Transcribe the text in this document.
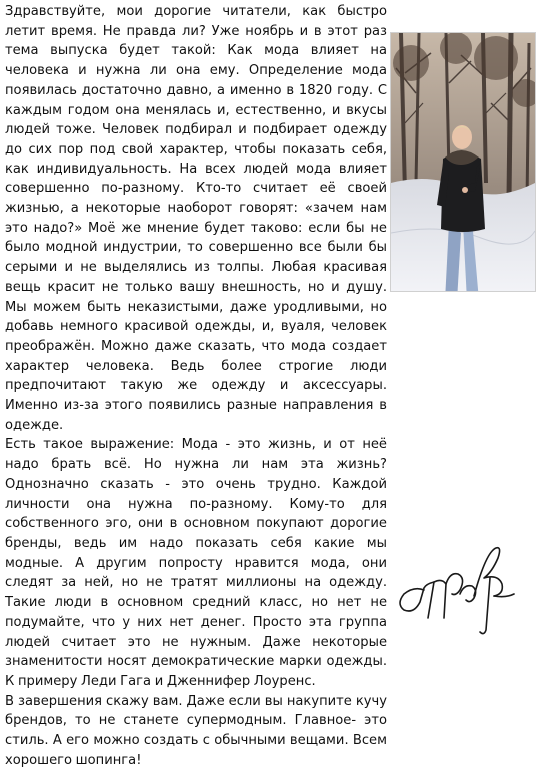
Здравствуйте, мои дорогие читатели, как быстро летит время. Не правда ли? Уже ноябрь и в этот раз тема выпуска будет такой: Как мода влияет на человека и нужна ли она ему. Определение мода появилась достаточно давно, а именно в 1820 году. С каждым годом она менялась и, естественно, и вкусы людей тоже. Человек подбирал и подбирает одежду до сих пор под свой характер, чтобы показать себя, как индивидуальность. На всех людей мода влияет совершенно по-разному. Кто-то считает её своей жизнью, а некоторые наоборот говорят: «зачем нам это надо?» Моё же мнение будет таково: если бы не было модной индустрии, то совершенно все были бы серыми и не выделялись из толпы. Любая красивая вещь красит не только вашу внешность, но и душу. Мы можем быть неказистыми, даже уродливыми, но добавь немного красивой одежды, и, вуаля, человек преображён. Можно даже сказать, что мода создает характер человека. Ведь более строгие люди предпочитают такую же одежду и аксессуары. Именно из-за этого появились разные направления в одежде.

Есть такое выражение: Мода - это жизнь, и от неё надо брать всё. Но нужна ли нам эта жизнь? Однозначно сказать - это очень трудно. Каждой личности она нужна по-разному. Кому-то для собственного эго, они в основном покупают дорогие бренды, ведь им надо показать себя какие мы модные. А другим попросту нравится мода, они следят за ней, но не тратят миллионы на одежду. Такие люди в основном средний класс, но нет не подумайте, что у них нет денег. Просто эта группа людей считает это не нужным. Даже некоторые знаменитости носят демократические марки одежды. К примеру Леди Гага и Дженнифер Лоуренс.

В завершения скажу вам. Даже если вы накупите кучу брендов, то не станете супермодным. Главное- это стиль. А его можно создать с обычными вещами. Всем хорошего шопинга!
